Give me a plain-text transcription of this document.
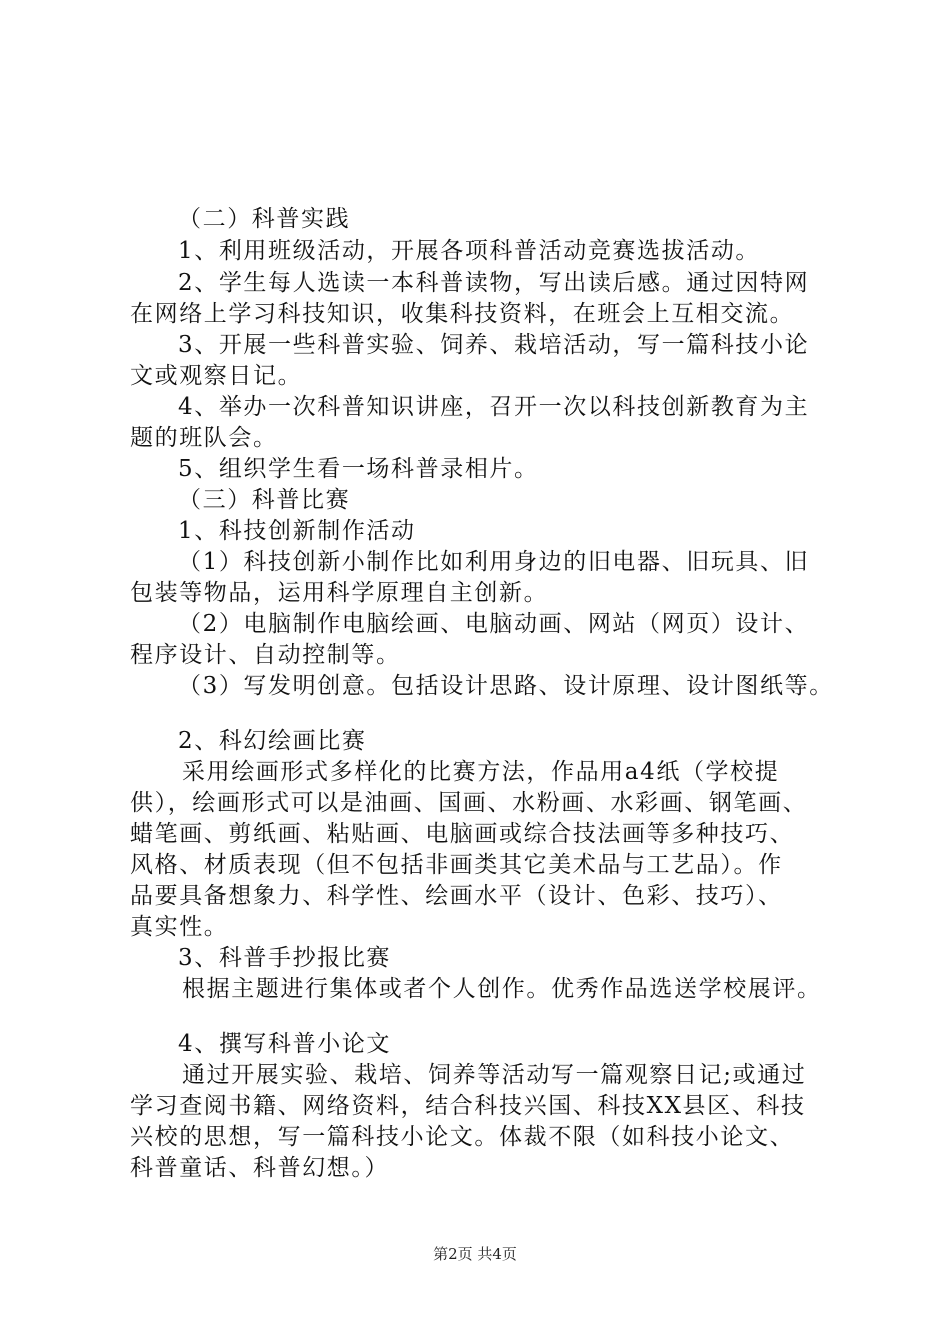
（二）科普实践
1、利用班级活动，开展各项科普活动竞赛选拔活动。
2、学生每人选读一本科普读物，写出读后感。通过因特网
在网络上学习科技知识，收集科技资料，在班会上互相交流。
3、开展一些科普实验、饲养、栽培活动，写一篇科技小论
文或观察日记。
4、举办一次科普知识讲座，召开一次以科技创新教育为主
题的班队会。
5、组织学生看一场科普录相片。
（三）科普比赛
1、科技创新制作活动
（1）科技创新小制作比如利用身边的旧电器、旧玩具、旧
包装等物品，运用科学原理自主创新。
（2）电脑制作电脑绘画、电脑动画、网站（网页）设计、
程序设计、自动控制等。
（3）写发明创意。包括设计思路、设计原理、设计图纸等。
2、科幻绘画比赛
采用绘画形式多样化的比赛方法，作品用a4纸（学校提
供），绘画形式可以是油画、国画、水粉画、水彩画、钢笔画、
蜡笔画、剪纸画、粘贴画、电脑画或综合技法画等多种技巧、
风格、材质表现（但不包括非画类其它美术品与工艺品）。作
品要具备想象力、科学性、绘画水平（设计、色彩、技巧）、
真实性。
3、科普手抄报比赛
根据主题进行集体或者个人创作。优秀作品选送学校展评。
4、撰写科普小论文
通过开展实验、栽培、饲养等活动写一篇观察日记;或通过
学习查阅书籍、网络资料，结合科技兴国、科技XX县区、科技
兴校的思想，写一篇科技小论文。体裁不限（如科技小论文、
科普童话、科普幻想。）
第2页 共4页
